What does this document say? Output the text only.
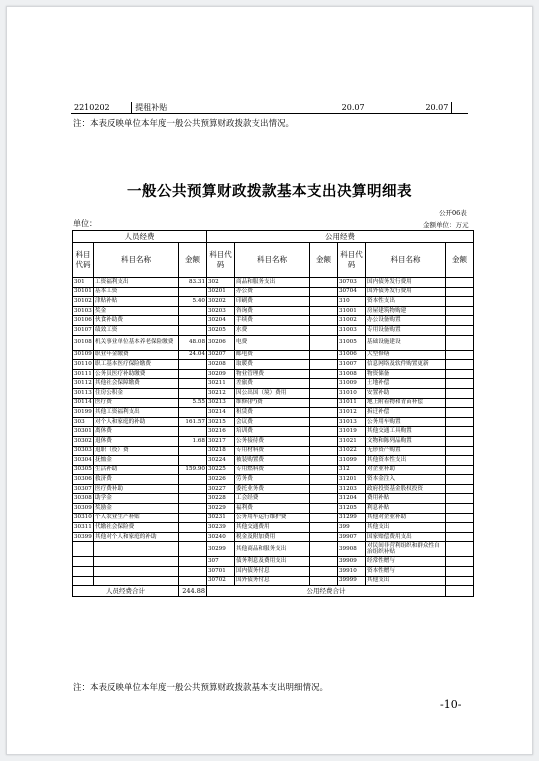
2210202	提租补贴	20.07	20.07	
注：本表反映单位本年度一般公共预算财政拨款支出情况。
一般公共预算财政拨款基本支出决算明细表
公开06表
金额单位：万元
单位：
人员经费			公用经费					
科目代码	科目名称	金额	科目代码	科目名称	金额	科目代码	科目名称	金额
301	工资福利支出	83.31	302	商品和服务支出		30703	国内债务发行费用	
30101	基本工资		30201	办公费		30704	国外债务发行费用	
30102	津贴补贴	5.40	30202	印刷费		310	资本性支出	
30103	奖金		30203	咨询费		31001	房屋建筑物购建	
30106	伙食补助费		30204	手续费		31002	办公设备购置	
30107	绩效工资		30205	水费		31003	专用设备购置	
30108	机关事业单位基本养老保险缴费	48.08	30206	电费		31005	基础设施建设	
30109	职业年金缴费	24.04	30207	邮电费		31006	大型修缮	
30110	职工基本医疗保险缴费		30208	取暖费		31007	信息网络及软件购置更新	
30111	公务员医疗补助缴费		30209	物业管理费		31008	物资储备	
30112	其他社会保障缴费		30211	差旅费		31009	土地补偿	
30113	住房公积金		30212	因公出国（境）费用		31010	安置补助	
30114	医疗费	5.55	30213	维修(护)费		31011	地上附着物和青苗补偿	
30199	其他工资福利支出		30214	租赁费		31012	拆迁补偿	
303	对个人和家庭的补助	161.57	30215	会议费		31013	公务用车购置	
30301	离休费		30216	培训费		31019	其他交通工具购置	
30302	退休费	1.68	30217	公务接待费		31021	文物和陈列品购置	
30303	退职（役）费		30218	专用材料费		31022	无形资产购置	
30304	抚恤金		30224	被装购置费		31099	其他资本性支出	
30305	生活补助	159.90	30225	专用燃料费		312	对企业补助	
30306	救济费		30226	劳务费		31201	资本金注入	
30307	医疗费补助		30227	委托业务费		31203	政府投资基金股权投资	
30308	助学金		30228	工会经费		31204	费用补贴	
30309	奖励金		30229	福利费		31205	利息补贴	
30310	个人农业生产补贴		30231	公务用车运行维护费		31299	其他对企业补助	
30311	代缴社会保险费		30239	其他交通费用		399	其他支出	
30399	其他对个人和家庭的补助		30240	税金及附加费用		39907	国家赔偿费用支出	
			30299	其他商品和服务支出		39908	对民间非营利组织和群众性自治组织补贴	
			307	债务利息及费用支出		39909	经常性赠与	
			30701	国内债务付息		39910	资本性赠与	
			30702	国外债务付息		39999	其他支出	
人员经费合计		244.88	公用经费合计					
注：本表反映单位本年度一般公共预算财政拨款基本支出明细情况。
-10-
